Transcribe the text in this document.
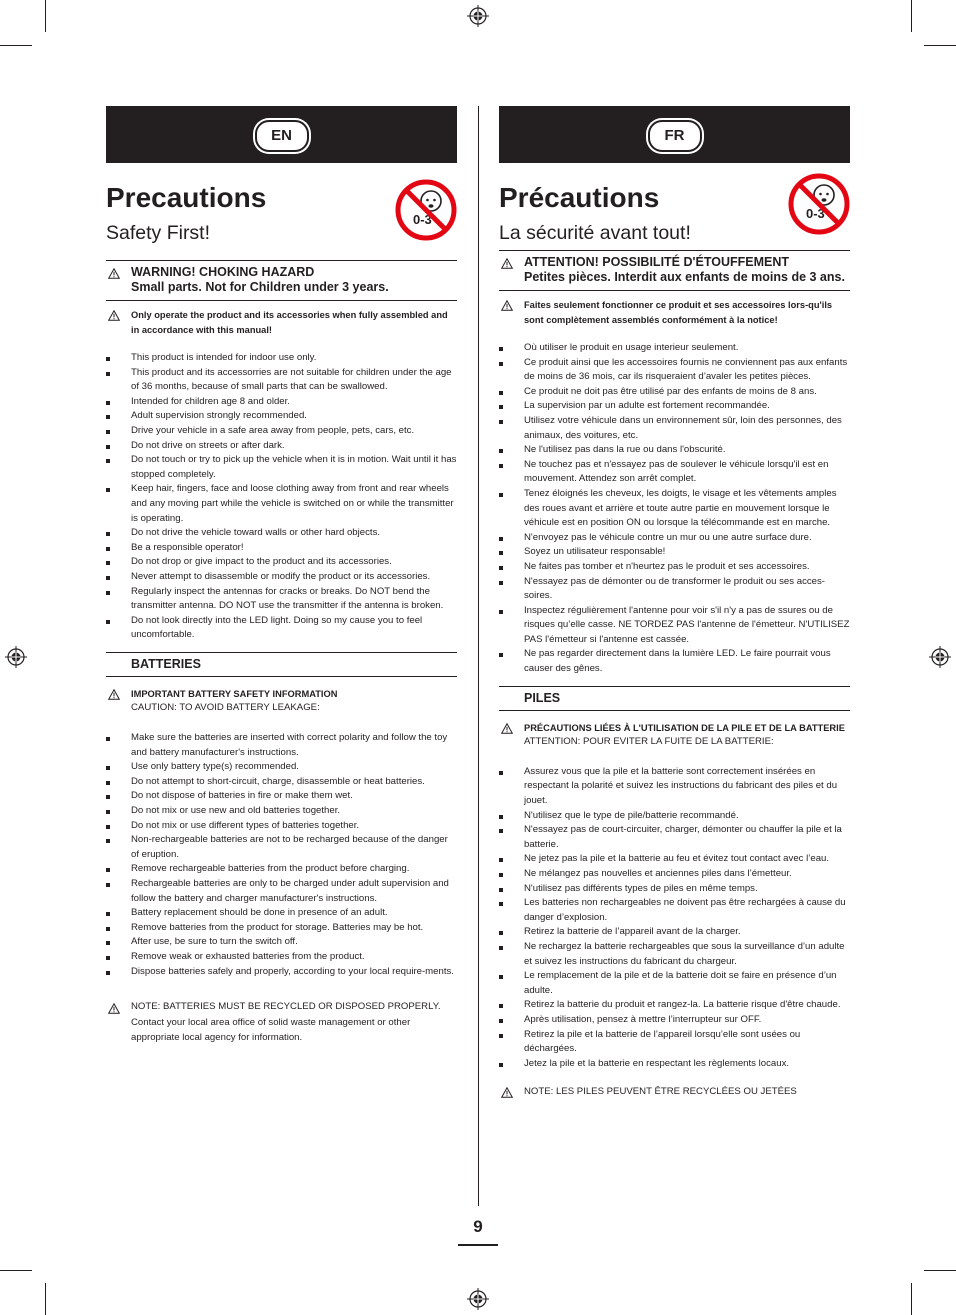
EN
Precautions
Safety First!
0-3
WARNING! CHOKING HAZARD
Small parts. Not for Children under 3 years.
Only operate the product and its accessories when fully assembled and in accordance with this manual!
This product is intended for indoor use only.
This product and its accessorries are not suitable for children under the age of 36 months, because of small parts that can be swallowed.
Intended for children age 8 and older.
Adult supervision strongly recommended.
Drive your vehicle in a safe area away from people, pets, cars, etc.
Do not drive on streets or after dark.
Do not touch or try to pick up the vehicle when it is in motion. Wait until it has stopped completely.
Keep hair, fingers, face and loose clothing away from front and rear wheels and any moving part while the vehicle is switched on or while the transmitter is operating.
Do not drive the vehicle toward walls or other hard objects.
Be a responsible operator!
Do not drop or give impact to the product and its accessories.
Never attempt to disassemble or modify the product or its accessories.
Regularly inspect the antennas for cracks or breaks. Do NOT bend the transmitter antenna. DO NOT use the transmitter if the antenna is broken.
Do not look directly into the LED light. Doing so my cause you to feel uncomfortable.
BATTERIES
IMPORTANT BATTERY SAFETY INFORMATION
CAUTION: TO AVOID BATTERY LEAKAGE:
Make sure the batteries are inserted with correct polarity and follow the toy and battery manufacturer's instructions.
Use only battery type(s) recommended.
Do not attempt to short-circuit, charge, disassemble or heat batteries.
Do not dispose of batteries in fire or make them wet.
Do not mix or use new and old batteries together.
Do not mix or use different types of batteries together.
Non-rechargeable batteries are not to be recharged because of the danger of eruption.
Remove rechargeable batteries from the product before charging.
Rechargeable batteries are only to be charged under adult supervision and follow the battery and charger manufacturer's instructions.
Battery replacement should be done in presence of an adult.
Remove batteries from the product for storage. Batteries may be hot.
After use, be sure to turn the switch off.
Remove weak or exhausted batteries from the product.
Dispose batteries safely and properly, according to your local require-ments.
NOTE: BATTERIES MUST BE RECYCLED OR DISPOSED PROPERLY.
Contact your local area office of solid waste management or other appropriate local agency for information.
FR
Précautions
La sécurité avant tout!
0-3
ATTENTION! POSSIBILITÉ D'ÉTOUFFEMENT
Petites pièces. Interdit aux enfants de moins de 3 ans.
Faites seulement fonctionner ce produit et ses accessoires lors-qu'ils sont complètement assemblés conformément à la notice!
Où utiliser le produit en usage interieur seulement.
Ce produit ainsi que les accessoires fournis ne conviennent pas aux enfants de moins de 36 mois, car ils risqueraient d’avaler les petites pièces.
Ce produit ne doit pas être utilisé par des enfants de moins de 8 ans.
La supervision par un adulte est fortement recommandée.
Utilisez votre véhicule dans un environnement sûr, loin des personnes, des animaux, des voitures, etc.
Ne l'utilisez pas dans la rue ou dans l'obscurité.
Ne touchez pas et n'essayez pas de soulever le véhicule lorsqu'il est en mouvement. Attendez son arrêt complet.
Tenez éloignés les cheveux, les doigts, le visage et les vêtements amples des roues avant et arrière et toute autre partie en mouvement lorsque le véhicule est en position ON ou lorsque la télécommande est en marche.
N'envoyez pas le véhicule contre un mur ou une autre surface dure.
Soyez un utilisateur responsable!
Ne faites pas tomber et n'heurtez pas le produit et ses accessoires.
N'essayez pas de démonter ou de transformer le produit ou ses acces-soires.
Inspectez régulièrement l'antenne pour voir s'il n'y a pas de ssures ou de risques qu’elle casse. NE TORDEZ PAS l'antenne de l'émetteur. N'UTILISEZ PAS l'émetteur si l'antenne est cassée.
Ne pas regarder directement dans la lumière LED. Le faire pourrait vous causer des gênes.
PILES
PRÉCAUTIONS LIÉES À L'UTILISATION DE LA PILE ET DE LA BATTERIE
ATTENTION: POUR EVITER LA FUITE DE LA BATTERIE:
Assurez vous que la pile et la batterie sont correctement insérées en respectant la polarité et suivez les instructions du fabricant des piles et du jouet.
N'utilisez que le type de pile/batterie recommandé.
N'essayez pas de court-circuiter, charger, démonter ou chauffer la pile et la batterie.
Ne jetez pas la pile et la batterie au feu et évitez tout contact avec l’eau.
Ne mélangez pas nouvelles et anciennes piles dans l’émetteur.
N'utilisez pas différents types de piles en même temps.
Les batteries non rechargeables ne doivent pas être rechargées à cause du danger d’explosion.
Retirez la batterie de l’appareil avant de la charger.
Ne rechargez la batterie rechargeables que sous la surveillance d’un adulte et suivez les instructions du fabricant du chargeur.
Le remplacement de la pile et de la batterie doit se faire en présence d’un adulte.
Retirez la batterie du produit et rangez-la. La batterie risque d'être chaude.
Après utilisation, pensez à mettre l’interrupteur sur OFF.
Retirez la pile et la batterie de l’appareil lorsqu’elle sont usées ou déchargées.
Jetez la pile et la batterie en respectant les règlements locaux.
NOTE: LES PILES PEUVENT ÊTRE RECYCLÉES OU JETÉES
9
